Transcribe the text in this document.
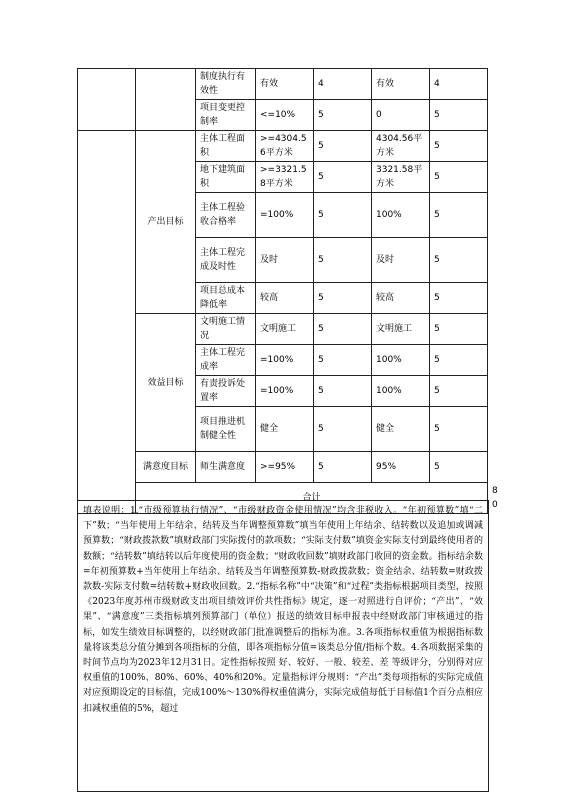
		制度执行有效性	有效	4	有效	4	
		项目变更控制率	<=10%	5	0	5	
	产出目标	主体工程面积	>=4304.56平方米	5	4304.56平方米	5	
		地下建筑面积	>=3321.58平方米	5	3321.58平方米	5	
		主体工程验收合格率	=100%	5	100%	5	
		主体工程完成及时性	及时	5	及时	5	
		项目总成本降低率	较高	5	较高	5	
	效益目标	文明施工情况	文明施工	5	文明施工	5	
		主体工程完成率	=100%	5	100%	5	
		有责投诉处置率	=100%	5	100%	5	
		项目推进机制健全性	健全	5	健全	5	
	满意度目标	师生满意度	>=95%	5	95%	5	
	合计						80
填表说明：1.“市级预算执行情况”、“市级财政资金使用情况”均含非税收入。“年初预算数”填“二下”数；“当年使用上年结余、结转及当年调整预算数”填当年使用上年结余、结转数以及追加或调减预算数；“财政拨款数”填财政部门实际拨付的款项数；“实际支付数”填资金实际支付到最终使用者的数额；“结转数”填结转以后年度使用的资金数；“财政收回数”填财政部门收回的资金数。指标结余数=年初预算数+当年使用上年结余、结转及当年调整预算数-财政拨款数；资金结余、结转数=财政拨款数-实际支付数=结转数+财政收回数。2.“指标名称”中“决策”和“过程”类指标根据项目类型，按照《2023年度苏州市级财政支出项目绩效评价共性指标》规定，逐一对照进行自评价；“产出”、“效果”、“满意度”三类指标填列预算部门（单位）报送的绩效目标申报表中经财政部门审核通过的指标，如发生绩效目标调整的，以经财政部门批准调整后的指标为准。3.各项指标权重值为根据指标数量将该类总分值分摊到各项指标的分值，即各项指标分值=该类总分值/指标个数。4.各项数据采集的时间节点均为2023年12月31日。定性指标按照 好、较好、一般、较差、差 等级评分，分别得对应权重值的100%、80%、60%、40%和20%。定量指标评分规则：“产出”类每项指标的实际完成值对应预期设定的目标值，完成100%～130%得权重值满分，实际完成值每低于目标值1个百分点相应扣减权重值的5%，超过
